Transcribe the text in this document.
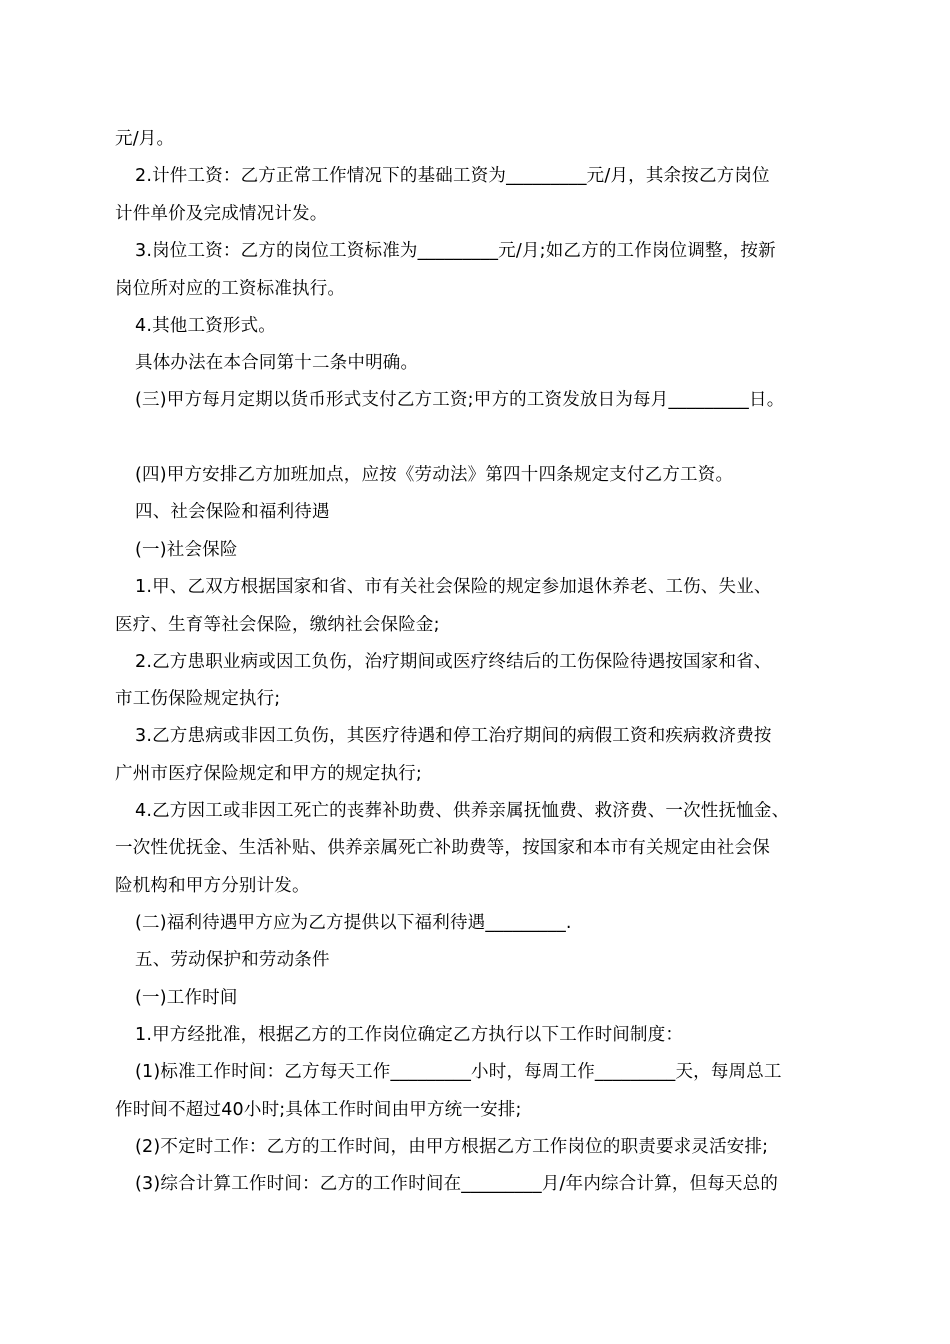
元/月。
2.计件工资：乙方正常工作情况下的基础工资为_________元/月，其余按乙方岗位
计件单价及完成情况计发。
3.岗位工资：乙方的岗位工资标准为_________元/月;如乙方的工作岗位调整，按新
岗位所对应的工资标准执行。
4.其他工资形式。
具体办法在本合同第十二条中明确。
(三)甲方每月定期以货币形式支付乙方工资;甲方的工资发放日为每月_________日。
(四)甲方安排乙方加班加点，应按《劳动法》第四十四条规定支付乙方工资。
四、社会保险和福利待遇
(一)社会保险
1.甲、乙双方根据国家和省、市有关社会保险的规定参加退休养老、工伤、失业、
医疗、生育等社会保险，缴纳社会保险金;
2.乙方患职业病或因工负伤，治疗期间或医疗终结后的工伤保险待遇按国家和省、
市工伤保险规定执行;
3.乙方患病或非因工负伤，其医疗待遇和停工治疗期间的病假工资和疾病救济费按
广州市医疗保险规定和甲方的规定执行;
4.乙方因工或非因工死亡的丧葬补助费、供养亲属抚恤费、救济费、一次性抚恤金、
一次性优抚金、生活补贴、供养亲属死亡补助费等，按国家和本市有关规定由社会保
险机构和甲方分别计发。
(二)福利待遇甲方应为乙方提供以下福利待遇_________.
五、劳动保护和劳动条件
(一)工作时间
1.甲方经批准，根据乙方的工作岗位确定乙方执行以下工作时间制度：
(1)标准工作时间：乙方每天工作_________小时，每周工作_________天，每周总工
作时间不超过40小时;具体工作时间由甲方统一安排;
(2)不定时工作：乙方的工作时间，由甲方根据乙方工作岗位的职责要求灵活安排;
(3)综合计算工作时间：乙方的工作时间在_________月/年内综合计算，但每天总的
